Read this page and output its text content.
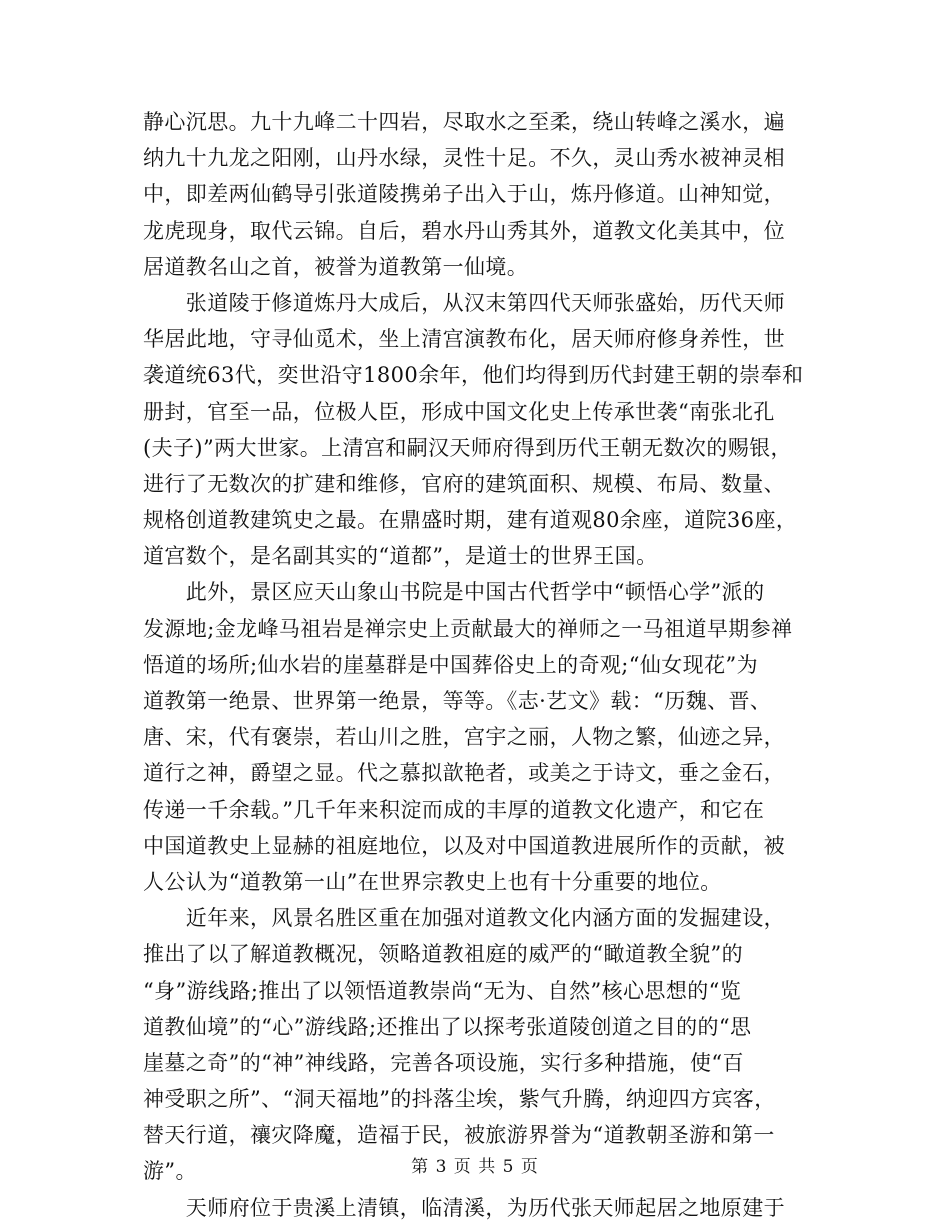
静心沉思。九十九峰二十四岩，尽取水之至柔，绕山转峰之溪水，遍
纳九十九龙之阳刚，山丹水绿，灵性十足。不久，灵山秀水被神灵相
中，即差两仙鹤导引张道陵携弟子出入于山，炼丹修道。山神知觉，
龙虎现身，取代云锦。自后，碧水丹山秀其外，道教文化美其中，位
居道教名山之首，被誉为道教第一仙境。
　　张道陵于修道炼丹大成后，从汉末第四代天师张盛始，历代天师
华居此地，守寻仙觅术，坐上清宫演教布化，居天师府修身养性，世
袭道统63代，奕世沿守1800余年，他们均得到历代封建王朝的崇奉和
册封，官至一品，位极人臣，形成中国文化史上传承世袭“南张北孔
(夫子)”两大世家。上清宫和嗣汉天师府得到历代王朝无数次的赐银，
进行了无数次的扩建和维修，官府的建筑面积、规模、布局、数量、
规格创道教建筑史之最。在鼎盛时期，建有道观80余座，道院36座，
道宫数个，是名副其实的“道都”，是道士的世界王国。
　　此外，景区应天山象山书院是中国古代哲学中“顿悟心学”派的
发源地;金龙峰马祖岩是禅宗史上贡献最大的禅师之一马祖道早期参禅
悟道的场所;仙水岩的崖墓群是中国葬俗史上的奇观;“仙女现花”为
道教第一绝景、世界第一绝景，等等。《志·艺文》载：“历魏、晋、
唐、宋，代有褒崇，若山川之胜，宫宇之丽，人物之繁，仙迹之异，
道行之神，爵望之显。代之慕拟歆艳者，或美之于诗文，垂之金石，
传递一千余载。”几千年来积淀而成的丰厚的道教文化遗产，和它在
中国道教史上显赫的祖庭地位，以及对中国道教进展所作的贡献，被
人公认为“道教第一山”在世界宗教史上也有十分重要的地位。
　　近年来，风景名胜区重在加强对道教文化内涵方面的发掘建设，
推出了以了解道教概况，领略道教祖庭的威严的“瞰道教全貌”的
“身”游线路;推出了以领悟道教崇尚“无为、自然”核心思想的“览
道教仙境”的“心”游线路;还推出了以探考张道陵创道之目的的“思
崖墓之奇”的“神”神线路，完善各项设施，实行多种措施，使“百
神受职之所”、“洞天福地”的抖落尘埃，紫气升腾，纳迎四方宾客，
替天行道，禳灾降魔，造福于民，被旅游界誉为“道教朝圣游和第一
游”。
　　天师府位于贵溪上清镇，临清溪，为历代张天师起居之地原建于
第 3 页 共 5 页
